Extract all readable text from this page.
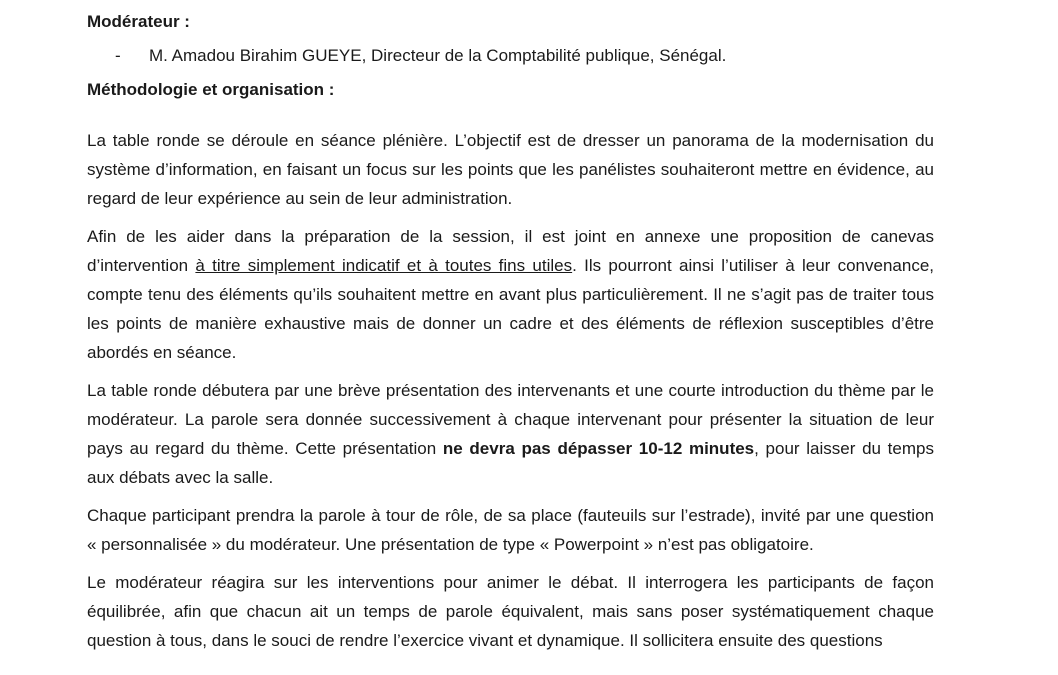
Modérateur :

-	M. Amadou Birahim GUEYE, Directeur de la Comptabilité publique, Sénégal.

Méthodologie et organisation :

La table ronde se déroule en séance plénière. L’objectif est de dresser un panorama de la modernisation du système d’information, en faisant un focus sur les points que les panélistes souhaiteront mettre en évidence, au regard de leur expérience au sein de leur administration.

Afin de les aider dans la préparation de la session, il est joint en annexe une proposition de canevas d’intervention à titre simplement indicatif et à toutes fins utiles. Ils pourront ainsi l’utiliser à leur convenance, compte tenu des éléments qu’ils souhaitent mettre en avant plus particulièrement. Il ne s’agit pas de traiter tous les points de manière exhaustive mais de donner un cadre et des éléments de réflexion susceptibles d’être abordés en séance.

La table ronde débutera par une brève présentation des intervenants et une courte introduction du thème par le modérateur. La parole sera donnée successivement à chaque intervenant pour présenter la situation de leur pays au regard du thème. Cette présentation ne devra pas dépasser 10-12 minutes, pour laisser du temps aux débats avec la salle.

Chaque participant prendra la parole à tour de rôle, de sa place (fauteuils sur l’estrade), invité par une question « personnalisée » du modérateur. Une présentation de type « Powerpoint » n’est pas obligatoire.

Le modérateur réagira sur les interventions pour animer le débat. Il interrogera les participants de façon équilibrée, afin que chacun ait un temps de parole équivalent, mais sans poser systématiquement chaque question à tous, dans le souci de rendre l’exercice vivant et dynamique. Il sollicitera ensuite des questions
